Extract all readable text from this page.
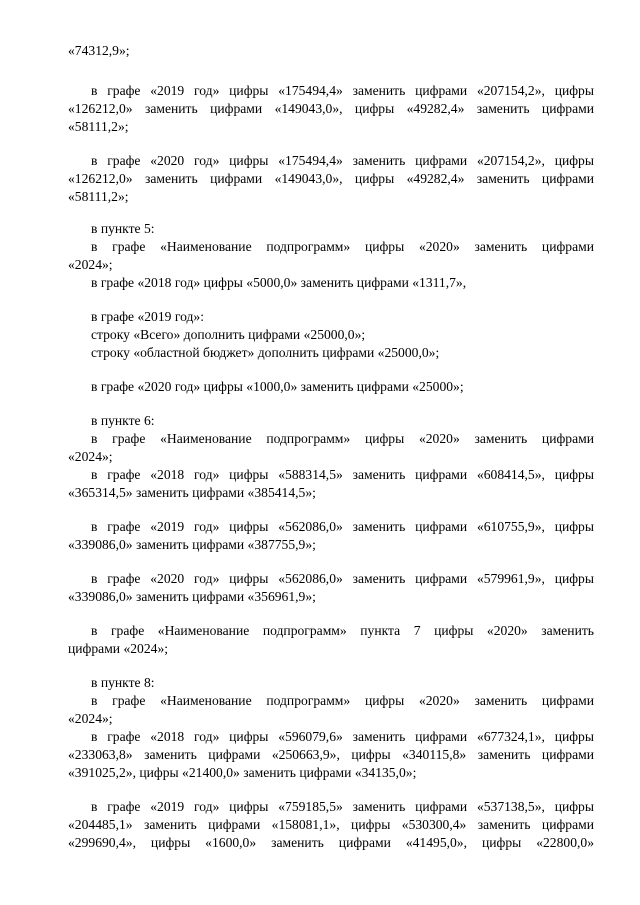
«74312,9»;
в графе «2019 год» цифры «175494,4» заменить цифрами «207154,2», цифры
«126212,0» заменить цифрами «149043,0», цифры «49282,4» заменить цифрами
«58111,2»;
в графе «2020 год» цифры «175494,4» заменить цифрами «207154,2», цифры
«126212,0» заменить цифрами «149043,0», цифры «49282,4» заменить цифрами
«58111,2»;
в пункте 5:
в графе «Наименование подпрограмм» цифры «2020» заменить цифрами
«2024»;
в графе «2018 год» цифры «5000,0» заменить цифрами «1311,7»,
в графе «2019 год»:
строку «Всего» дополнить цифрами «25000,0»;
строку «областной бюджет» дополнить цифрами «25000,0»;
в графе «2020 год» цифры «1000,0» заменить цифрами «25000»;
в пункте 6:
в графе «Наименование подпрограмм» цифры «2020» заменить цифрами
«2024»;
в графе «2018 год» цифры «588314,5» заменить цифрами «608414,5», цифры
«365314,5» заменить цифрами «385414,5»;
в графе «2019 год» цифры «562086,0» заменить цифрами «610755,9», цифры
«339086,0» заменить цифрами «387755,9»;
в графе «2020 год» цифры «562086,0» заменить цифрами «579961,9», цифры
«339086,0» заменить цифрами «356961,9»;
в графе «Наименование подпрограмм» пункта 7 цифры «2020» заменить
цифрами «2024»;
в пункте 8:
в графе «Наименование подпрограмм» цифры «2020» заменить цифрами
«2024»;
в графе «2018 год» цифры «596079,6» заменить цифрами «677324,1», цифры
«233063,8» заменить цифрами «250663,9», цифры «340115,8» заменить цифрами
«391025,2», цифры «21400,0» заменить цифрами «34135,0»;
в графе «2019 год» цифры «759185,5» заменить цифрами «537138,5», цифры
«204485,1» заменить цифрами «158081,1», цифры «530300,4» заменить цифрами
«299690,4», цифры «1600,0» заменить цифрами «41495,0», цифры «22800,0»
